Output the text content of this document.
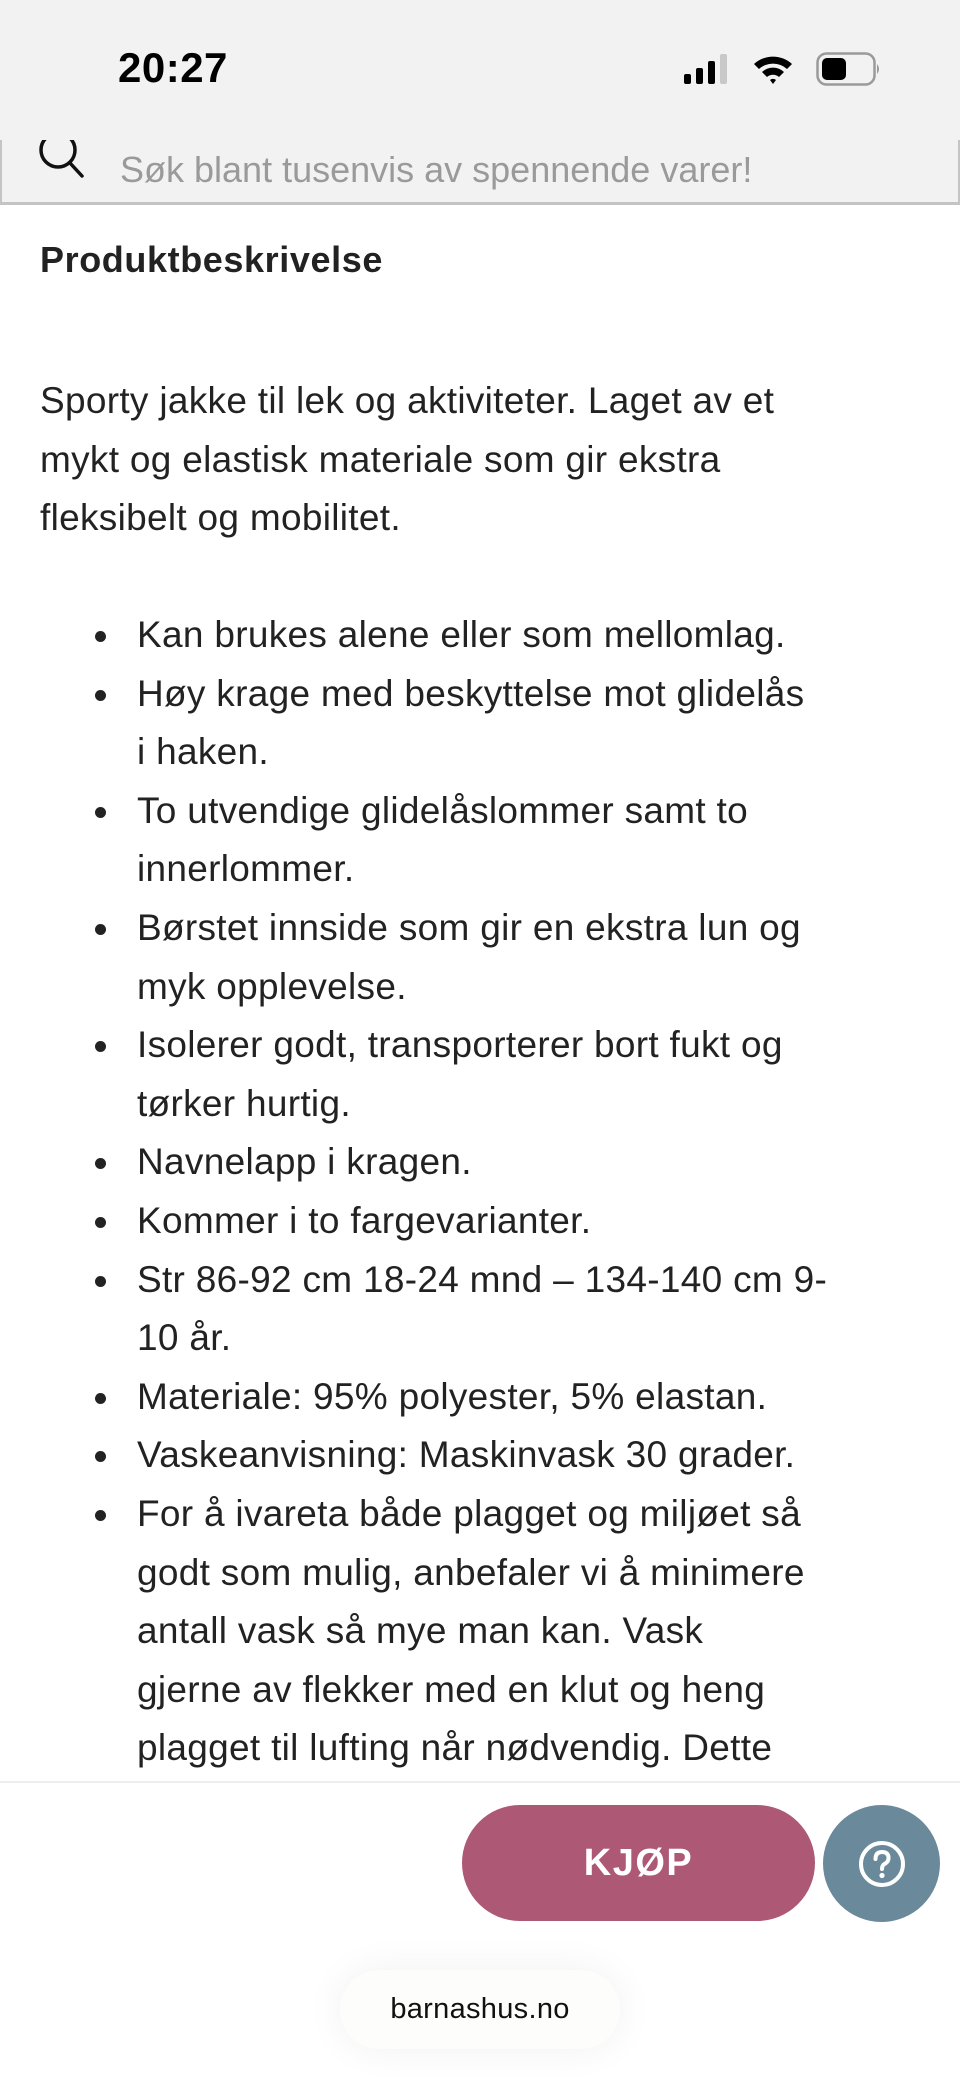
Søk blant tusenvis av spennende varer!
20:27
Produktbeskrivelse

Sporty jakke til lek og aktiviteter. Laget av et
mykt og elastisk materiale som gir ekstra
fleksibelt og mobilitet.

Kan brukes alene eller som mellomlag.
Høy krage med beskyttelse mot glidelås
i haken.
To utvendige glidelåslommer samt to
innerlommer.
Børstet innside som gir en ekstra lun og
myk opplevelse.
Isolerer godt, transporterer bort fukt og
tørker hurtig.
Navnelapp i kragen.
Kommer i to fargevarianter.
Str 86-92 cm 18-24 mnd – 134-140 cm 9-
10 år.
Materiale: 95% polyester, 5% elastan.
Vaskeanvisning: Maskinvask 30 grader.
For å ivareta både plagget og miljøet så
godt som mulig, anbefaler vi å minimere
antall vask så mye man kan. Vask
gjerne av flekker med en klut og heng
plagget til lufting når nødvendig. Dette
KJØP
barnashus.no
